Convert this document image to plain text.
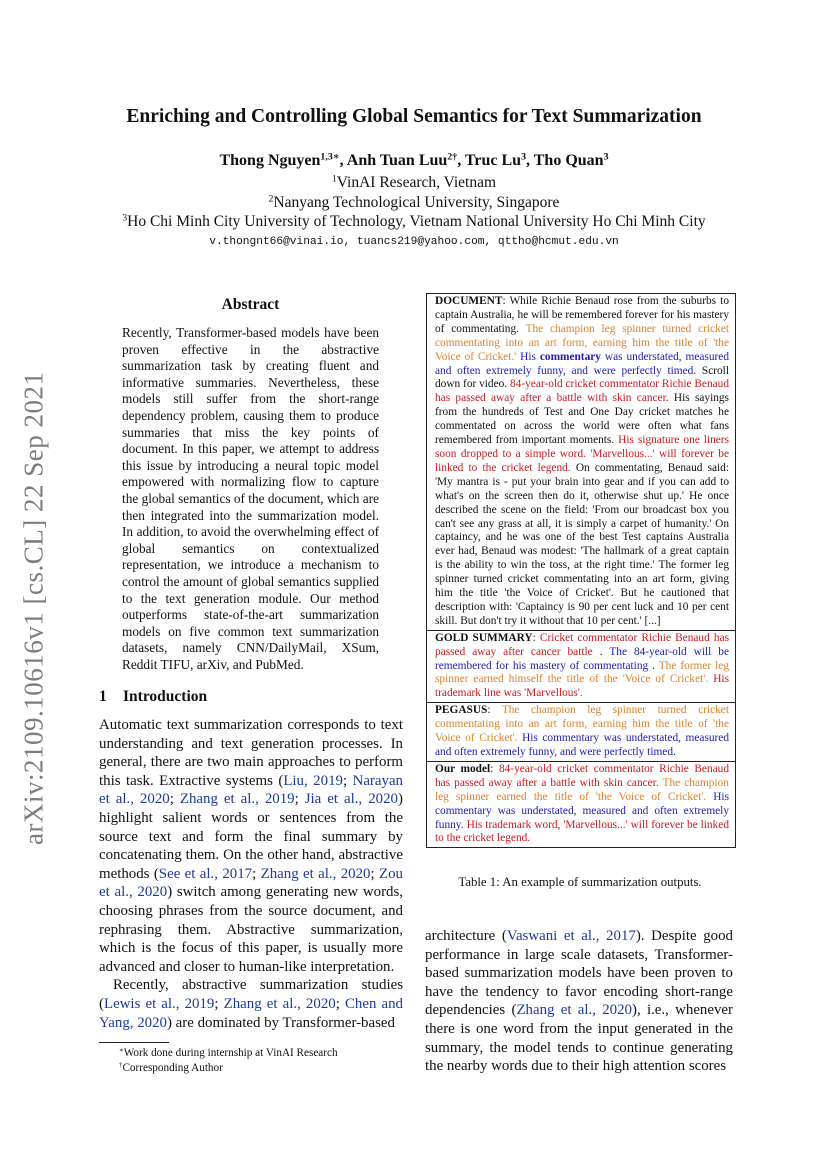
arXiv:2109.10616v1 [cs.CL] 22 Sep 2021
Enriching and Controlling Global Semantics for Text Summarization
Thong Nguyen$^{1,3∗}$, Anh Tuan Luu$^{2\dagger}$, Truc Lu$^3$, Tho Quan$^3$
$^1$VinAI Research, Vietnam
$^2$Nanyang Technological University, Singapore
$^3$Ho Chi Minh City University of Technology, Vietnam National University Ho Chi Minh City
v.thongnt66@vinai.io, tuancs219@yahoo.com, qttho@hcmut.edu.vn
Abstract
Recently, Transformer-based models have been proven effective in the abstractive summarization task by creating fluent and informative summaries. Nevertheless, these models still suffer from the short-range dependency problem, causing them to produce summaries that miss the key points of document. In this paper, we attempt to address this issue by introducing a neural topic model empowered with normalizing flow to capture the global semantics of the document, which are then integrated into the summarization model. In addition, to avoid the overwhelming effect of global semantics on contextualized representation, we introduce a mechanism to control the amount of global semantics supplied to the text generation module. Our method outperforms state-of-the-art summarization models on five common text summarization datasets, namely CNN/DailyMail, XSum, Reddit TIFU, arXiv, and PubMed.
1 Introduction

Automatic text summarization corresponds to text understanding and text generation processes. In general, there are two main approaches to perform this task. Extractive systems (Liu, 2019; Narayan et al., 2020; Zhang et al., 2019; Jia et al., 2020) highlight salient words or sentences from the source text and form the final summary by concatenating them. On the other hand, abstractive methods (See et al., 2017; Zhang et al., 2020; Zou et al., 2020) switch among generating new words, choosing phrases from the source document, and rephrasing them. Abstractive summarization, which is the focus of this paper, is usually more advanced and closer to human-like interpretation.

Recently, abstractive summarization studies (Lewis et al., 2019; Zhang et al., 2020; Chen and Yang, 2020) are dominated by Transformer-based

∗Work done during internship at VinAI Research
†Corresponding Author
DOCUMENT: While Richie Benaud rose from the suburbs to captain Australia, he will be remembered forever for his mastery of commentating. The champion leg spinner turned cricket commentating into an art form, earning him the title of 'the Voice of Cricket.' His commentary was understated, measured and often extremely funny, and were perfectly timed. Scroll down for video. 84-year-old cricket commentator Richie Benaud has passed away after a battle with skin cancer. His sayings from the hundreds of Test and One Day cricket matches he commentated on across the world were often what fans remembered from important moments. His signature one liners soon dropped to a simple word. 'Marvellous...' will forever be linked to the cricket legend. On commentating, Benaud said: 'My mantra is - put your brain into gear and if you can add to what's on the screen then do it, otherwise shut up.' He once described the scene on the field: 'From our broadcast box you can't see any grass at all, it is simply a carpet of humanity.' On captaincy, and he was one of the best Test captains Australia ever had, Benaud was modest: 'The hallmark of a great captain is the ability to win the toss, at the right time.' The former leg spinner turned cricket commentating into an art form, giving him the title 'the Voice of Cricket'. But he cautioned that description with: 'Captaincy is 90 per cent luck and 10 per cent skill. But don't try it without that 10 per cent.' [...]
GOLD SUMMARY: Cricket commentator Richie Benaud has passed away after cancer battle . The 84-year-old will be remembered for his mastery of commentating . The former leg spinner earned himself the title of the 'Voice of Cricket'. His trademark line was 'Marvellous'.
PEGASUS: The champion leg spinner turned cricket commentating into an art form, earning him the title of 'the Voice of Cricket'. His commentary was understated, measured and often extremely funny, and were perfectly timed.
Our model: 84-year-old cricket commentator Richie Benaud has passed away after a battle with skin cancer. The champion leg spinner earned the title of 'the Voice of Cricket'. His commentary was understated, measured and often extremely funny. His trademark word, 'Marvellous...' will forever be linked to the cricket legend.
Table 1: An example of summarization outputs.

architecture (Vaswani et al., 2017). Despite good performance in large scale datasets, Transformer-based summarization models have been proven to have the tendency to favor encoding short-range dependencies (Zhang et al., 2020), i.e., whenever there is one word from the input generated in the summary, the model tends to continue generating the nearby words due to their high attention scores
